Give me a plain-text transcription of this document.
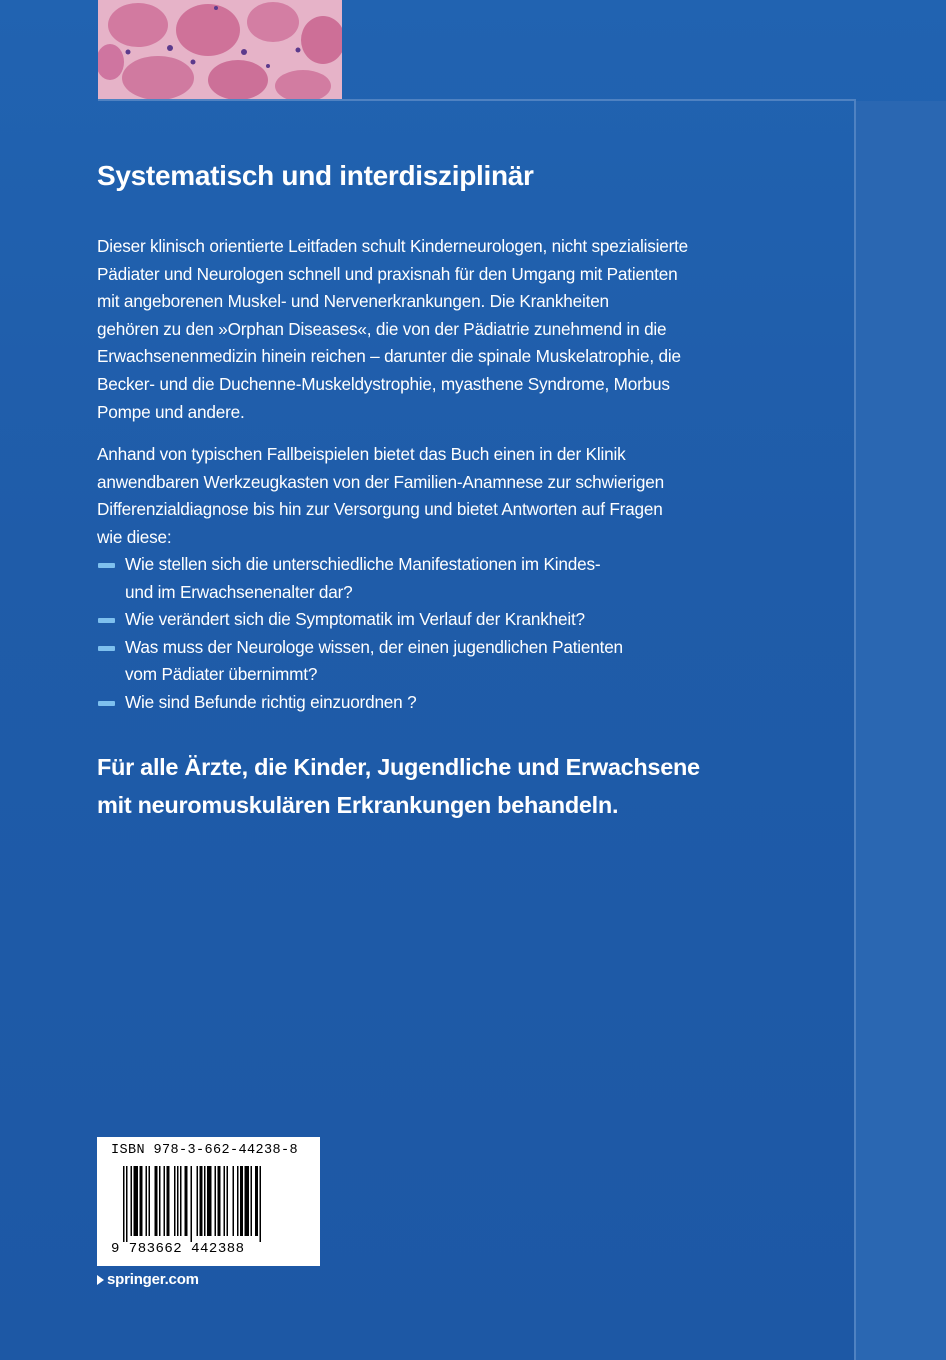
Systematisch und interdisziplinär

Dieser klinisch orientierte Leitfaden schult Kinderneurologen, nicht spezialisierte
Pädiater und Neurologen schnell und praxisnah für den Umgang mit Patienten
mit angeborenen Muskel- und Nervenerkrankungen. Die Krankheiten
gehören zu den »Orphan Diseases«, die von der Pädiatrie zunehmend in die
Erwachsenenmedizin hinein reichen – darunter die spinale Muskelatrophie, die
Becker- und die Duchenne-Muskeldystrophie, myasthene Syndrome, Morbus
Pompe und andere.

Anhand von typischen Fallbeispielen bietet das Buch einen in der Klinik
anwendbaren Werkzeugkasten von der Familien-Anamnese zur schwierigen
Differenzialdiagnose bis hin zur Versorgung und bietet Antworten auf Fragen
wie diese:

Wie stellen sich die unterschiedliche Manifestationen im Kindes-
und im Erwachsenenalter dar?
Wie verändert sich die Symptomatik im Verlauf der Krankheit?
Was muss der Neurologe wissen, der einen jugendlichen Patienten
vom Pädiater übernimmt?
Wie sind Befunde richtig einzuordnen ?

Für alle Ärzte, die Kinder, Jugendliche und Erwachsene
mit neuromuskulären Erkrankungen behandeln.

ISBN 978-3-662-44238-8
9 783662 442388
springer.com
